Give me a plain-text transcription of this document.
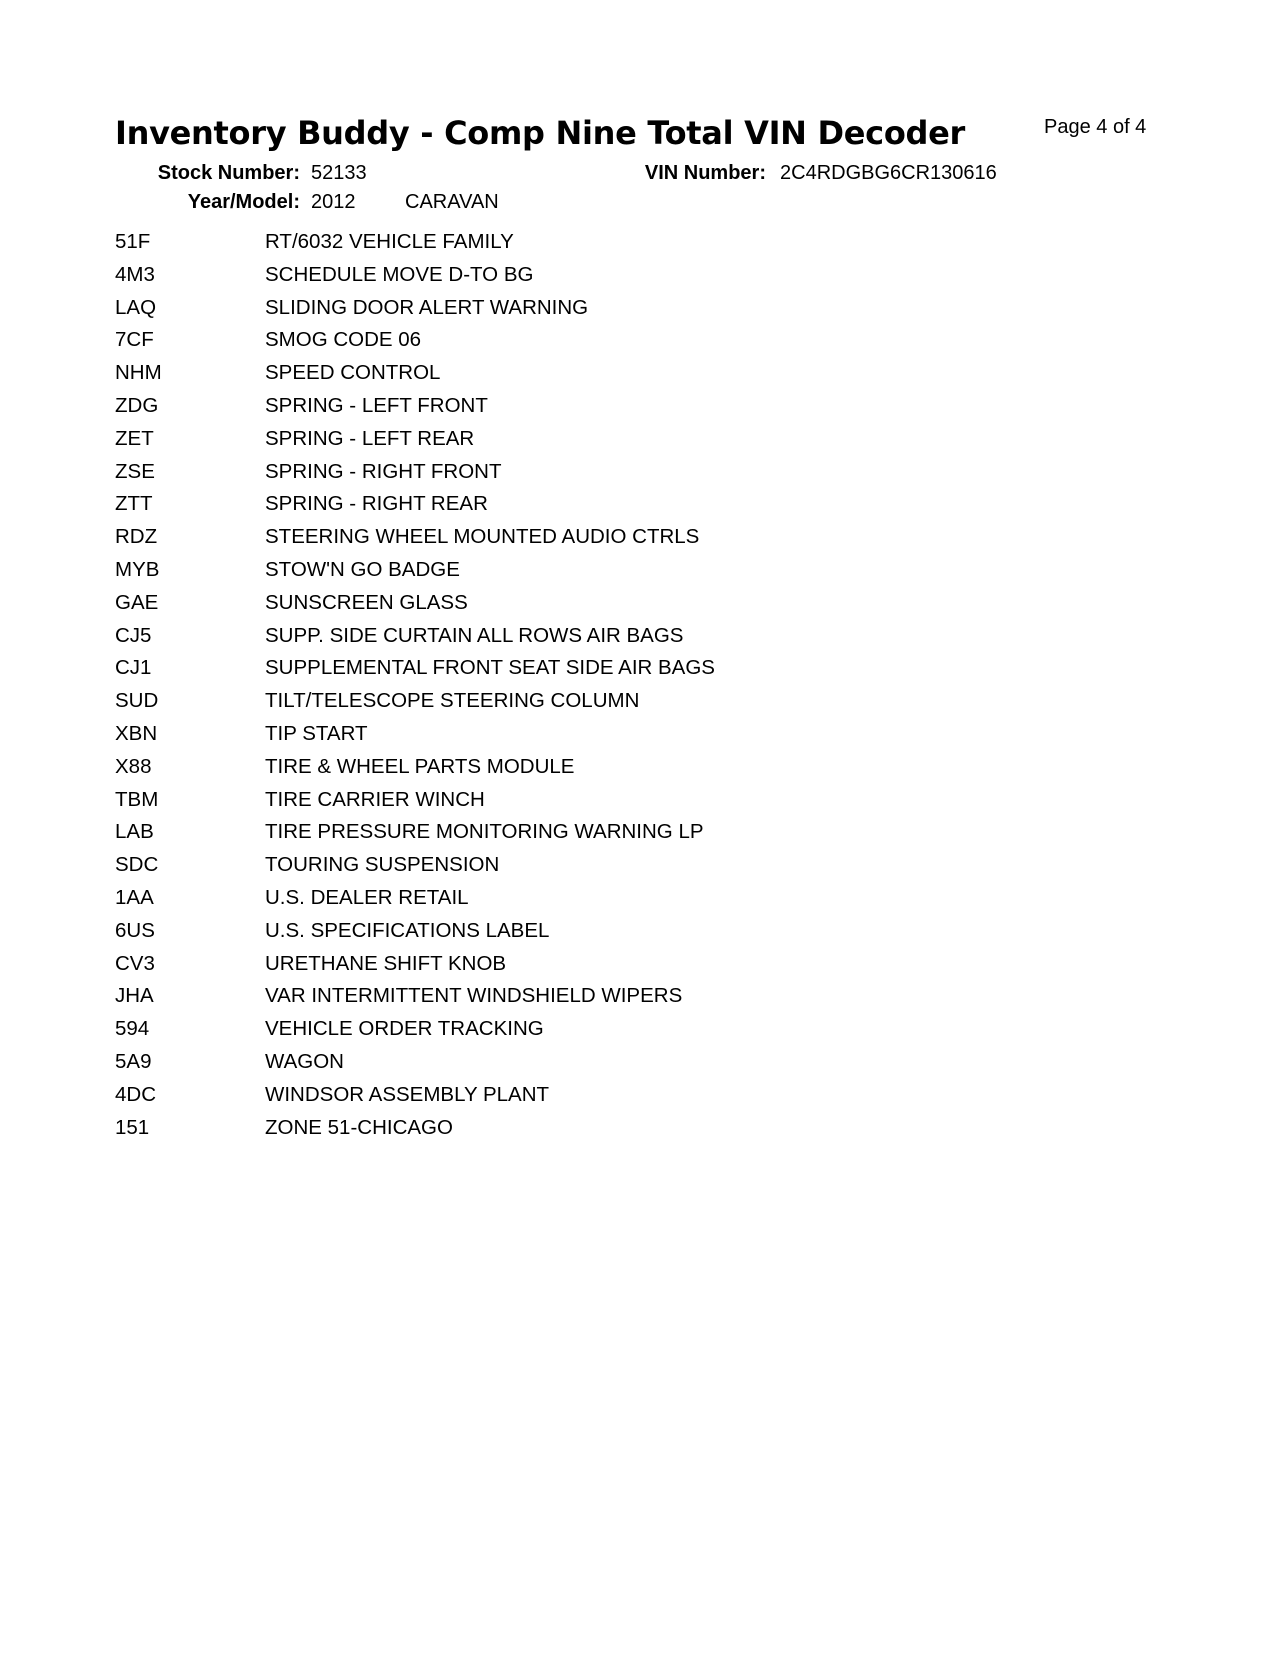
Inventory Buddy - Comp Nine Total VIN Decoder	Page 4 of 4
Stock Number: 52133	VIN Number: 2C4RDGBG6CR130616
Year/Model: 2012 CARAVAN
51F	RT/6032 VEHICLE FAMILY
4M3	SCHEDULE MOVE D-TO BG
LAQ	SLIDING DOOR ALERT WARNING
7CF	SMOG CODE 06
NHM	SPEED CONTROL
ZDG	SPRING - LEFT FRONT
ZET	SPRING - LEFT REAR
ZSE	SPRING - RIGHT FRONT
ZTT	SPRING - RIGHT REAR
RDZ	STEERING WHEEL MOUNTED AUDIO CTRLS
MYB	STOW'N GO BADGE
GAE	SUNSCREEN GLASS
CJ5	SUPP. SIDE CURTAIN ALL ROWS AIR BAGS
CJ1	SUPPLEMENTAL FRONT SEAT SIDE AIR BAGS
SUD	TILT/TELESCOPE STEERING COLUMN
XBN	TIP START
X88	TIRE & WHEEL PARTS MODULE
TBM	TIRE CARRIER WINCH
LAB	TIRE PRESSURE MONITORING WARNING LP
SDC	TOURING SUSPENSION
1AA	U.S. DEALER RETAIL
6US	U.S. SPECIFICATIONS LABEL
CV3	URETHANE SHIFT KNOB
JHA	VAR INTERMITTENT WINDSHIELD WIPERS
594	VEHICLE ORDER TRACKING
5A9	WAGON
4DC	WINDSOR ASSEMBLY PLANT
151	ZONE 51-CHICAGO
